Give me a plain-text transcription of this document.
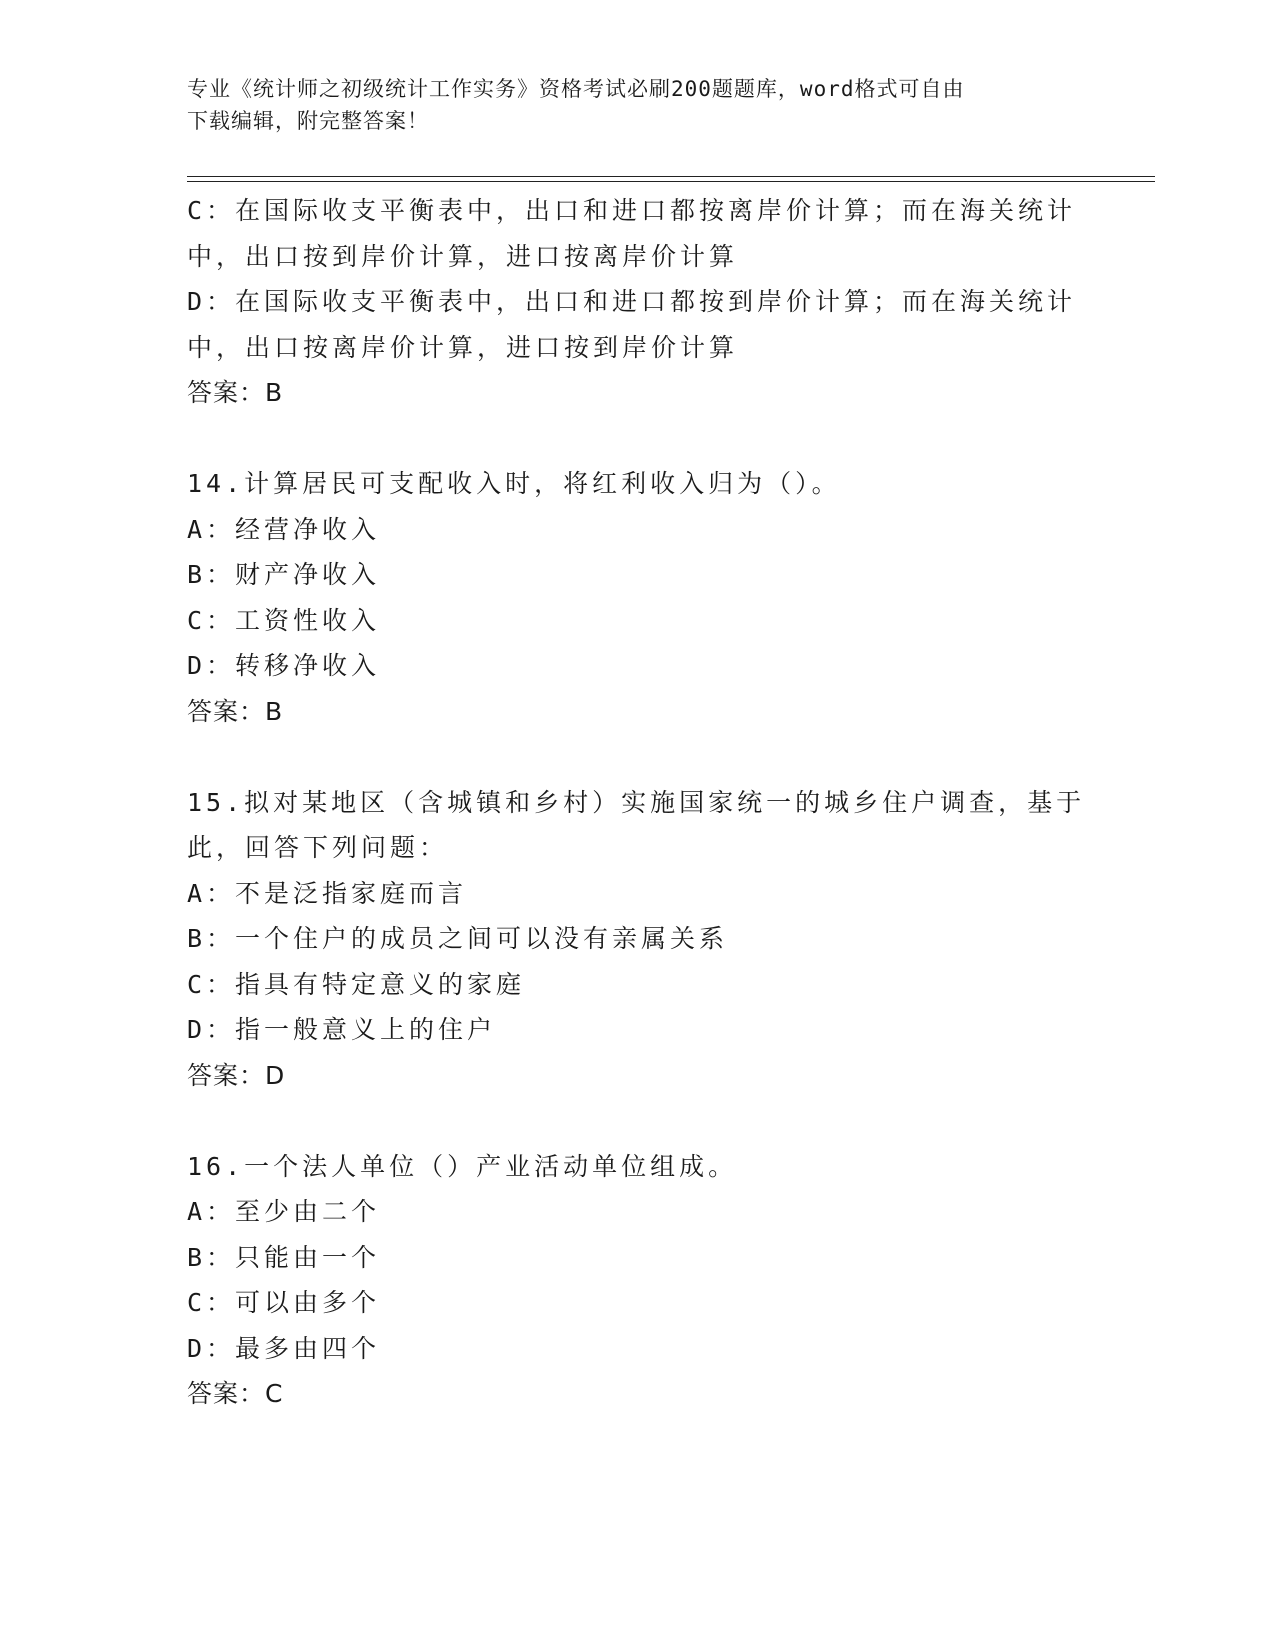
专业《统计师之初级统计工作实务》资格考试必刷200题题库，word格式可自由
下载编辑，附完整答案！
C：在国际收支平衡表中，出口和进口都按离岸价计算；而在海关统计
中，出口按到岸价计算，进口按离岸价计算
D：在国际收支平衡表中，出口和进口都按到岸价计算；而在海关统计
中，出口按离岸价计算，进口按到岸价计算
答案：B
14.计算居民可支配收入时，将红利收入归为（）。
A：经营净收入
B：财产净收入
C：工资性收入
D：转移净收入
答案：B
15.拟对某地区（含城镇和乡村）实施国家统一的城乡住户调查，基于
此，回答下列问题：
A：不是泛指家庭而言
B：一个住户的成员之间可以没有亲属关系
C：指具有特定意义的家庭
D：指一般意义上的住户
答案：D
16.一个法人单位（）产业活动单位组成。
A：至少由二个
B：只能由一个
C：可以由多个
D：最多由四个
答案：C
